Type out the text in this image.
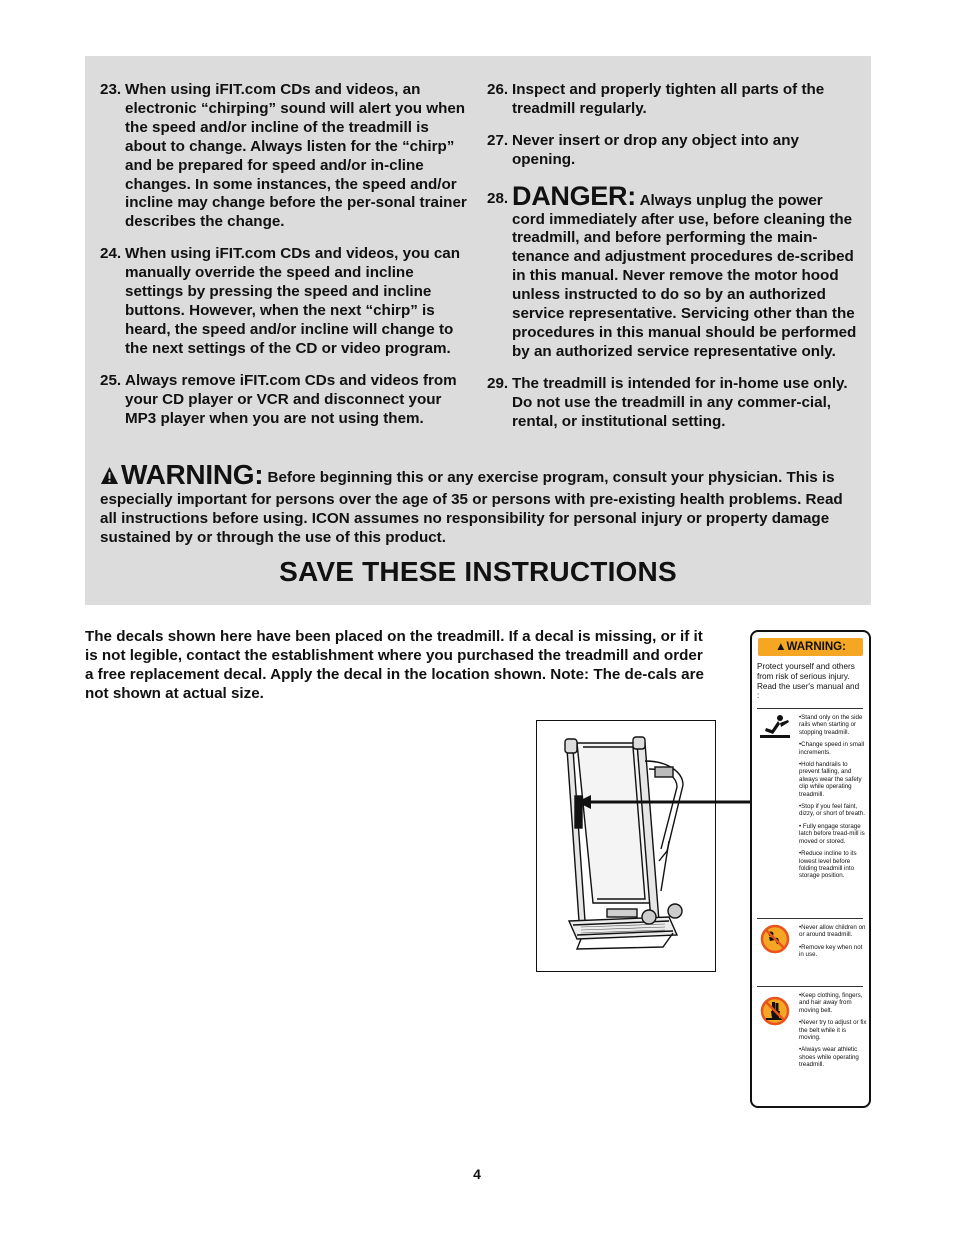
23. When using iFIT.com CDs and videos, an electronic “chirping” sound will alert you when the speed and/or incline of the treadmill is about to change. Always listen for the “chirp” and be prepared for speed and/or in-cline changes. In some instances, the speed and/or incline may change before the per-sonal trainer describes the change.
24. When using iFIT.com CDs and videos, you can manually override the speed and incline settings by pressing the speed and incline buttons. However, when the next “chirp” is heard, the speed and/or incline will change to the next settings of the CD or video program.
25. Always remove iFIT.com CDs and videos from your CD player or VCR and disconnect your MP3 player when you are not using them.
26. Inspect and properly tighten all parts of the treadmill regularly.
27. Never insert or drop any object into any opening.
28. DANGER: Always unplug the power cord immediately after use, before cleaning the treadmill, and before performing the main-tenance and adjustment procedures de-scribed in this manual. Never remove the motor hood unless instructed to do so by an authorized service representative. Servicing other than the procedures in this manual should be performed by an authorized service representative only.
29. The treadmill is intended for in-home use only. Do not use the treadmill in any commer-cial, rental, or institutional setting.
WARNING: Before beginning this or any exercise program, consult your physician. This is especially important for persons over the age of 35 or persons with pre-existing health problems. Read all instructions before using. ICON assumes no responsibility for personal injury or property damage sustained by or through the use of this product.
SAVE THESE INSTRUCTIONS
The decals shown here have been placed on the treadmill. If a decal is missing, or if it is not legible, contact the establishment where you purchased the treadmill and order a free replacement decal. Apply the decal in the location shown. Note: The de-cals are not shown at actual size.
▲WARNING:
Protect yourself and others from risk of serious injury. Read the user's manual and :
•Stand only on the side rails when starting or stopping treadmill.
•Change speed in small increments.
•Hold handrails to prevent falling, and always wear the safety clip while operating treadmill.
•Stop if you feel faint, dizzy, or short of breath.
• Fully engage storage latch before tread-mill is moved or stored.
•Reduce incline to its lowest level before folding treadmill into storage position.
•Never allow children on or around treadmill.
•Remove key when not in use.
•Keep clothing, fingers, and hair away from moving belt.
•Never try to adjust or fix the belt while it is moving.
•Always wear athletic shoes while operating treadmill.
4
